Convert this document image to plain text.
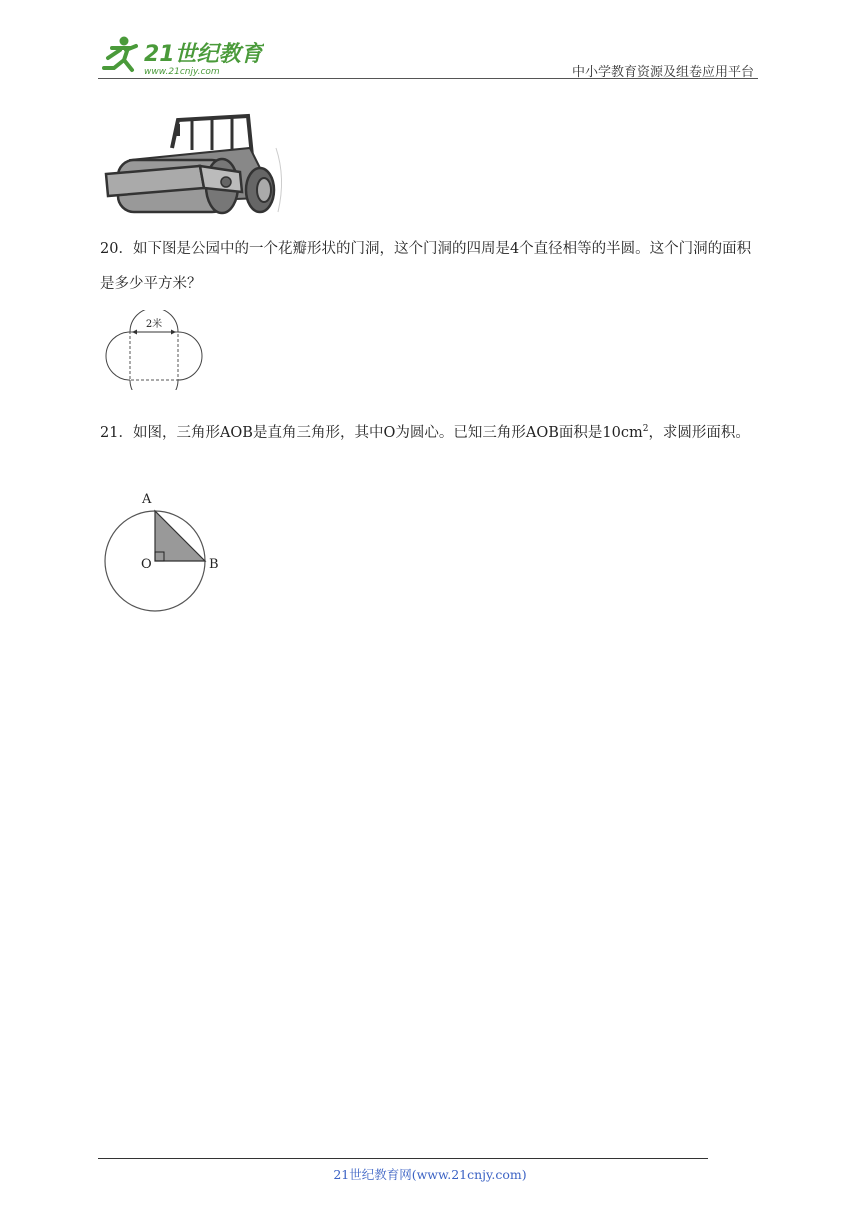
21世纪教育
www.21cnjy.com	中小学教育资源及组卷应用平台
20．如下图是公园中的一个花瓣形状的门洞，这个门洞的四周是4个直径相等的半圆。这个门洞的面积是多少平方米？
2米
21．如图，三角形AOB是直角三角形，其中O为圆心。已知三角形AOB面积是$10cm^2$，求圆形面积。
A
O	B
21世纪教育网(www.21cnjy.com)
